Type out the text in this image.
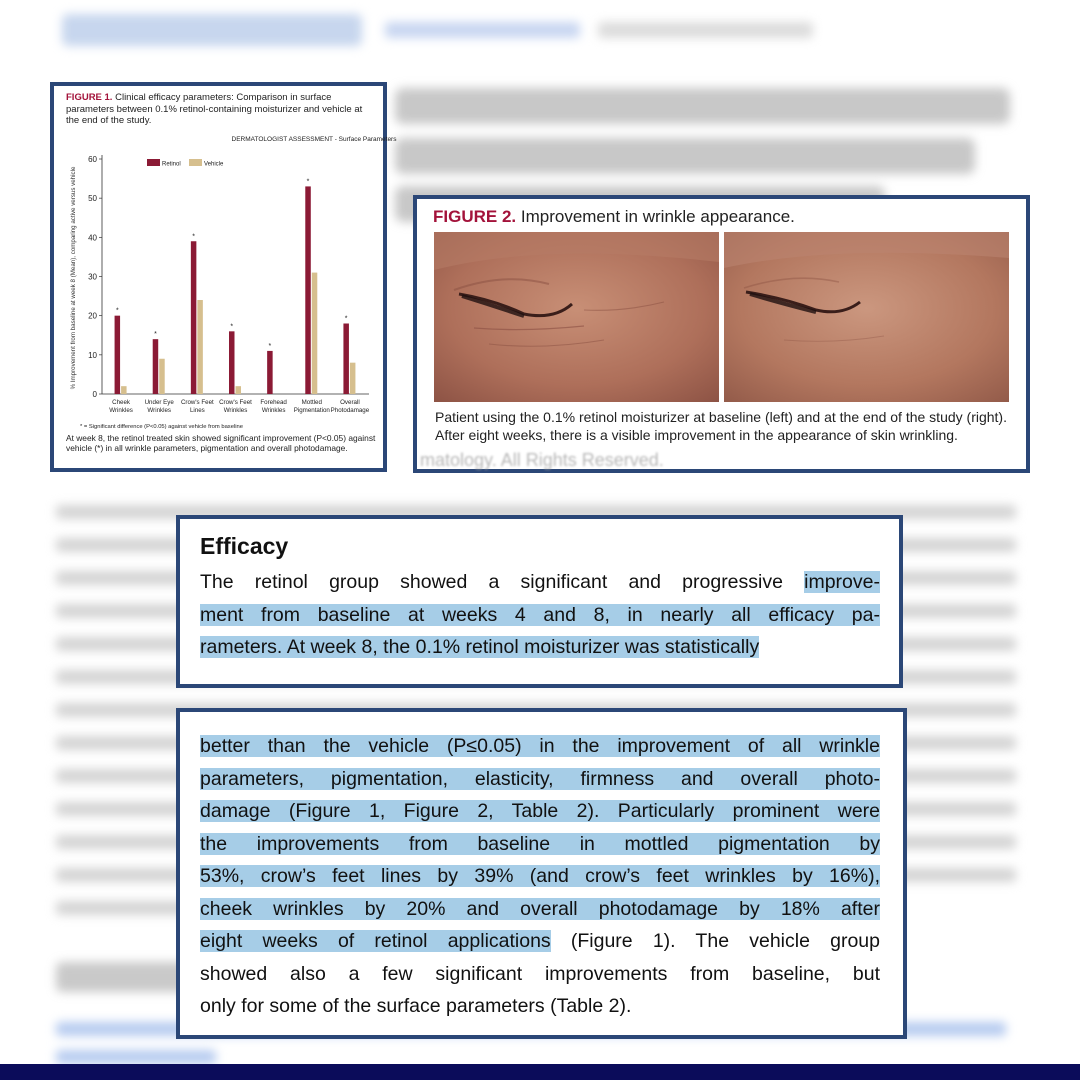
FIGURE 1. Clinical efficacy parameters: Comparison in surface parameters between 0.1% retinol-containing moisturizer and vehicle at the end of the study.
% Improvement from baseline at week 8 (Mean), comparing active versus vehicle
DERMATOLOGIST ASSESSMENT - Surface Parameters
Retinol	Vehicle
0
10
20
30
40
50
60
Cheek
Wrinkles
Under Eye
Wrinkles
Crow's Feet
Lines
Crow's Feet
Wrinkles
Forehead
Wrinkles
Mottled
Pigmentation
Overall
Photodamage
*
*
*
*
*
*
*
* = Significant difference (P<0.05) against vehicle from baseline
At week 8, the retinol treated skin showed significant improvement (P<0.05) against vehicle (*) in all wrinkle parameters, pigmentation and overall photodamage.
FIGURE 2. Improvement in wrinkle appearance.
Patient using the 0.1% retinol moisturizer at baseline (left) and at the end of the study (right). After eight weeks, there is a visible improvement in the appearance of skin wrinkling.
matology. All Rights Reserved.
Efficacy
The retinol group showed a significant and progressive improve-
ment from baseline at weeks 4 and 8, in nearly all efficacy pa-
rameters. At week 8, the 0.1% retinol moisturizer was statistically
better than the vehicle (P≤0.05) in the improvement of all wrinkle
parameters, pigmentation, elasticity, firmness and overall photo-
damage (Figure 1, Figure 2, Table 2). Particularly prominent were
the improvements from baseline in mottled pigmentation by
53%, crow’s feet lines by 39% (and crow’s feet wrinkles by 16%),
cheek wrinkles by 20% and overall photodamage by 18% after
eight weeks of retinol applications (Figure 1). The vehicle group
showed also a few significant improvements from baseline, but
only for some of the surface parameters (Table 2).
